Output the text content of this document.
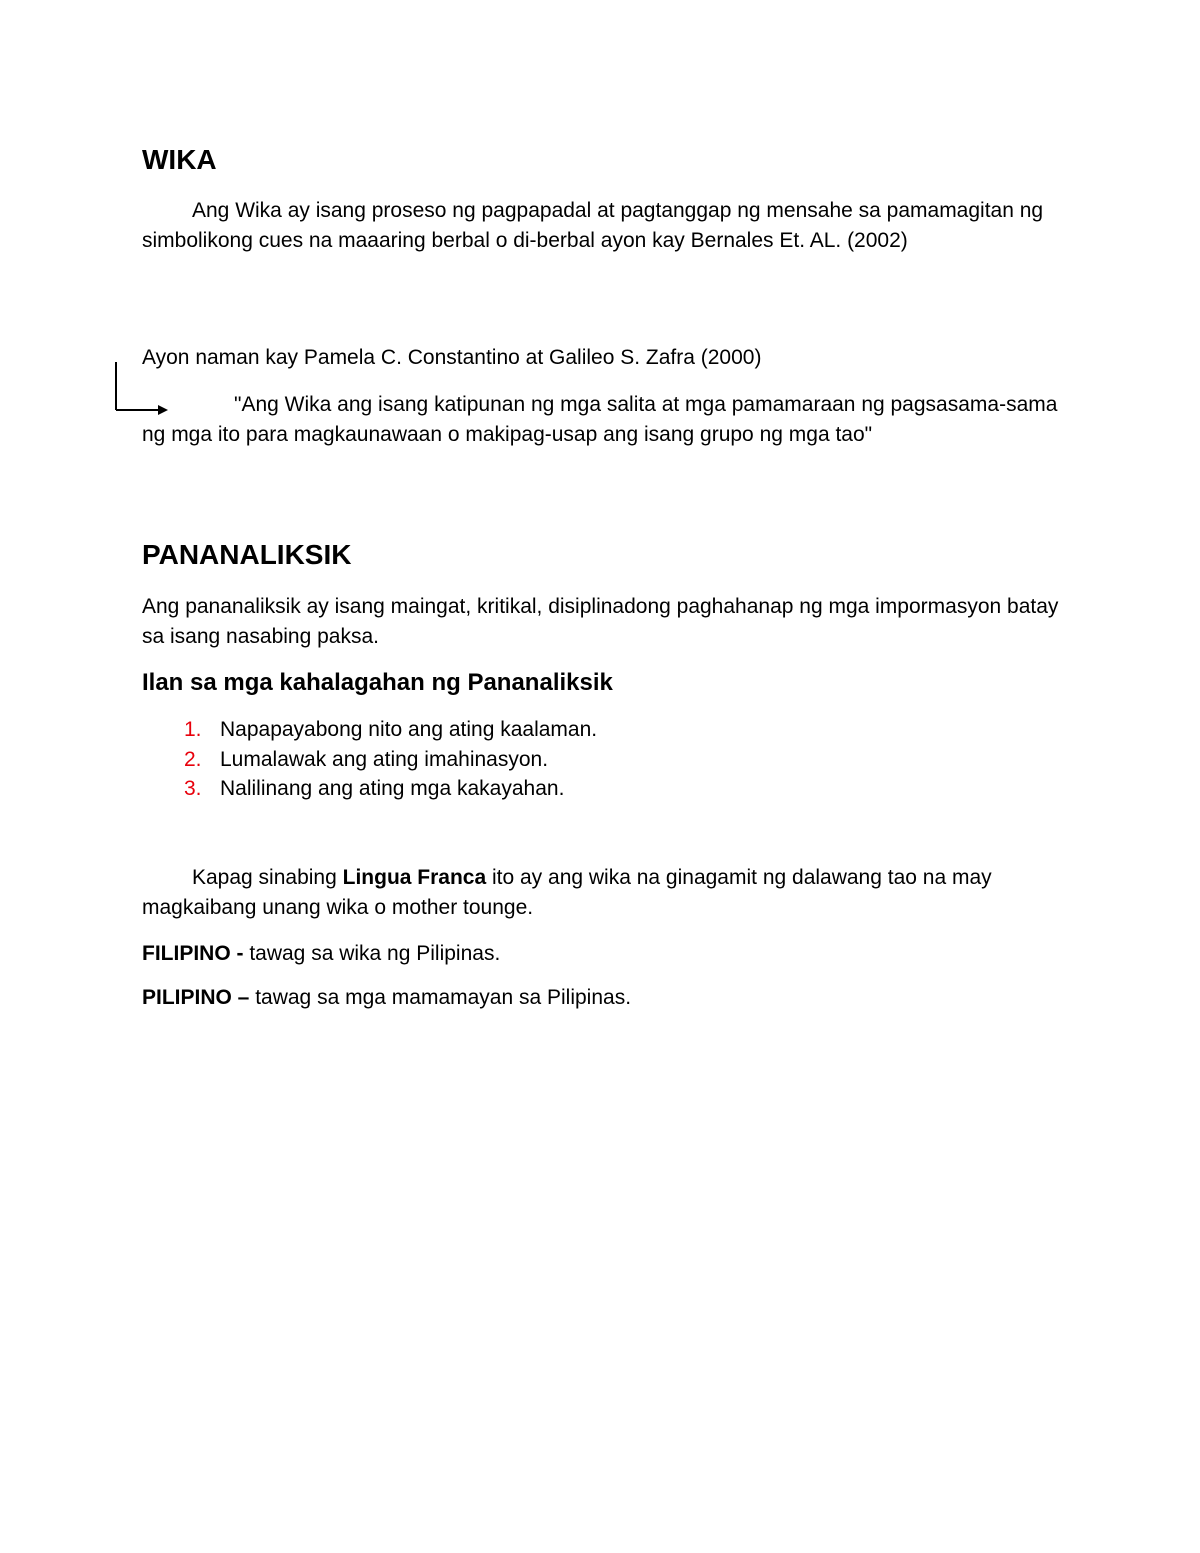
WIKA

Ang Wika ay isang proseso ng pagpapadal at pagtanggap ng mensahe sa pamamagitan ng simbolikong cues na maaaring berbal o di-berbal ayon kay Bernales Et. AL. (2002)

Ayon naman kay Pamela C. Constantino at Galileo S. Zafra (2000)

"Ang Wika ang isang katipunan ng mga salita at mga pamamaraan ng pagsasama-sama ng mga ito para magkaunawaan o makipag-usap ang isang grupo ng mga tao"

PANANALIKSIK

Ang pananaliksik ay isang maingat, kritikal, disiplinadong paghahanap ng mga impormasyon batay sa isang nasabing paksa.

Ilan sa mga kahalagahan ng Pananaliksik
1. Napapayabong nito ang ating kaalaman.
2. Lumalawak ang ating imahinasyon.
3. Nalilinang ang ating mga kakayahan.

Kapag sinabing Lingua Franca ito ay ang wika na ginagamit ng dalawang tao na may magkaibang unang wika o mother tounge.

FILIPINO - tawag sa wika ng Pilipinas.

PILIPINO – tawag sa mga mamamayan sa Pilipinas.
